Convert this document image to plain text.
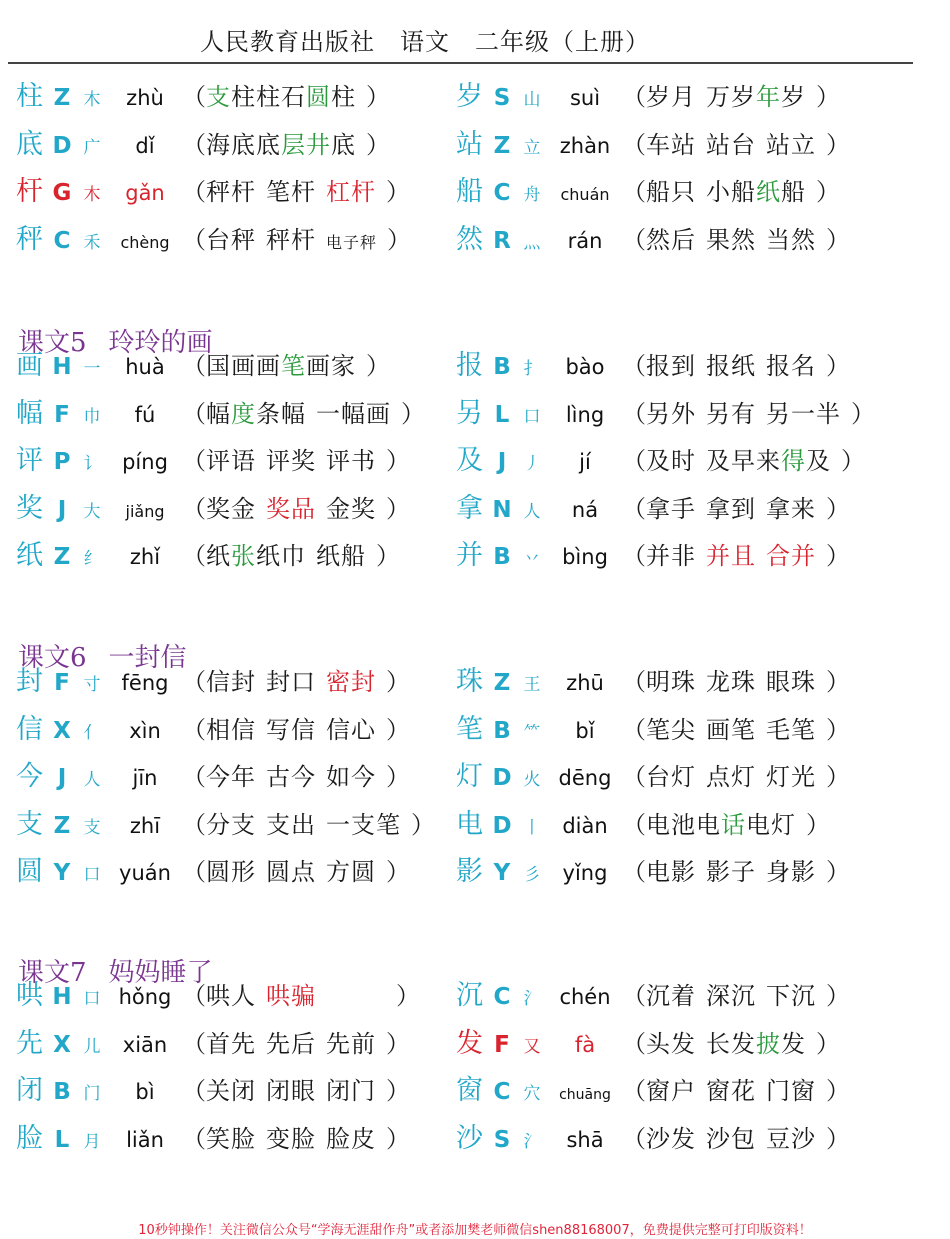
人民教育出版社　语文　二年级（上册）
课文5 玲玲的画
课文6 一封信
课文7 妈妈睡了
柱 Z 木 zhù （支柱柱石圆柱 ）
底 D 广 dǐ （海底底层井底 ）
杆 G 木 gǎn （秤杆 笔杆 杠杆 ）
秤 C 禾 chèng （台秤 秤杆 电子秤 ）
岁 S 山 suì （岁月 万岁年岁 ）
站 Z 立 zhàn （车站 站台 站立 ）
船 C 舟 chuán （船只 小船纸船 ）
然 R 灬 rán （然后 果然 当然 ）
画 H 一 huà （国画画笔画家 ）
幅 F 巾 fú （幅度条幅 一幅画 ）
评 P 讠 píng （评语 评奖 评书 ）
奖 J 大 jiǎng （奖金 奖品 金奖 ）
纸 Z 纟 zhǐ （纸张纸巾 纸船 ）
报 B 扌 bào （报到 报纸 报名 ）
另 L 口 lìng （另外 另有 另一半 ）
及 J 丿 jí （及时 及早来得及 ）
拿 N 人 ná （拿手 拿到 拿来 ）
并 B 丷 bìng （并非 并且 合并 ）
封 F 寸 fēng （信封 封口 密封 ）
信 X 亻 xìn （相信 写信 信心 ）
今 J 人 jīn （今年 古今 如今 ）
支 Z 支 zhī （分支 支出 一支笔 ）
圆 Y 口 yuán （圆形 圆点 方圆 ）
珠 Z 王 zhū （明珠 龙珠 眼珠 ）
笔 B ⺮ bǐ （笔尖 画笔 毛笔 ）
灯 D 火 dēng （台灯 点灯 灯光 ）
电 D 丨 diàn （电池电话电灯 ）
影 Y 彡 yǐng （电影 影子 身影 ）
哄 H 口 hǒng （哄人 哄骗	）
先 X 儿 xiān （首先 先后 先前 ）
闭 B 门 bì （关闭 闭眼 闭门 ）
脸 L 月 liǎn （笑脸 变脸 脸皮 ）
沉 C 氵 chén （沉着 深沉 下沉 ）
发 F 又 fà （头发 长发披发 ）
窗 C 穴 chuāng （窗户 窗花 门窗 ）
沙 S 氵 shā （沙发 沙包 豆沙 ）
10秒钟操作！关注微信公众号“学海无涯甜作舟”或者添加樊老师微信shen88168007，免费提供完整可打印版资料！
